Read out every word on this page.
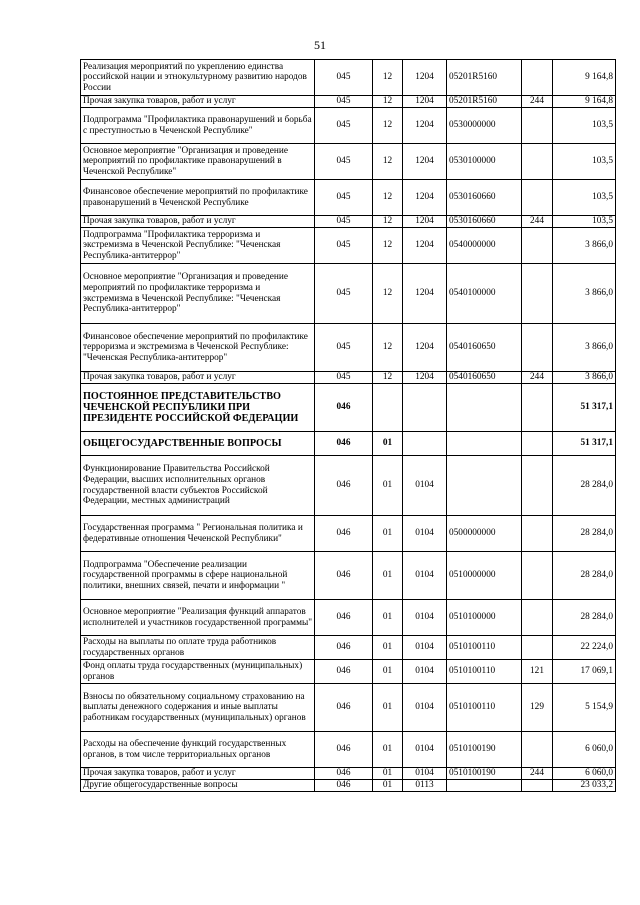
51
Реализация мероприятий по укреплению единства российской нации и этнокультурному развитию народов России	045	12	1204	05201R5160		9 164,8
Прочая закупка товаров, работ и услуг	045	12	1204	05201R5160	244	9 164,8
Подпрограмма "Профилактика правонарушений и борьба с преступностью в Чеченской Республике"	045	12	1204	0530000000		103,5
Основное мероприятие "Организация и проведение мероприятий по профилактике правонарушений в Чеченской Республике"	045	12	1204	0530100000		103,5
Финансовое обеспечение мероприятий по профилактике правонарушений в Чеченской Республике	045	12	1204	0530160660		103,5
Прочая закупка товаров, работ и услуг	045	12	1204	0530160660	244	103,5
Подпрограмма "Профилактика терроризма и экстремизма в Чеченской Республике: "Чеченская Республика-антитеррор"	045	12	1204	0540000000		3 866,0
Основное мероприятие "Организация и проведение мероприятий по профилактике терроризма и экстремизма в Чеченской Республике: "Чеченская Республика-антитеррор"	045	12	1204	0540100000		3 866,0
Финансовое обеспечение мероприятий по профилактике терроризма и экстремизма в Чеченской Республике: "Чеченская Республика-антитеррор"	045	12	1204	0540160650		3 866,0
Прочая закупка товаров, работ и услуг	045	12	1204	0540160650	244	3 866,0
ПОСТОЯННОЕ ПРЕДСТАВИТЕЛЬСТВО ЧЕЧЕНСКОЙ РЕСПУБЛИКИ ПРИ ПРЕЗИДЕНТЕ РОССИЙСКОЙ ФЕДЕРАЦИИ	046					51 317,1
ОБЩЕГОСУДАРСТВЕННЫЕ ВОПРОСЫ	046	01				51 317,1
Функционирование Правительства Российской Федерации, высших исполнительных органов государственной власти субъектов Российской Федерации, местных администраций	046	01	0104			28 284,0
Государственная программа " Региональная политика и федеративные отношения Чеченской Республики"	046	01	0104	0500000000		28 284,0
Подпрограмма "Обеспечение реализации государственной программы в сфере национальной политики, внешних связей, печати и информации "	046	01	0104	0510000000		28 284,0
Основное мероприятие "Реализация функций аппаратов исполнителей и участников государственной программы"	046	01	0104	0510100000		28 284,0
Расходы на выплаты по оплате труда работников государственных органов	046	01	0104	0510100110		22 224,0
Фонд оплаты труда государственных (муниципальных) органов	046	01	0104	0510100110	121	17 069,1
Взносы по обязательному социальному страхованию на выплаты денежного содержания и иные выплаты работникам государственных (муниципальных) органов	046	01	0104	0510100110	129	5 154,9
Расходы на обеспечение функций государственных органов, в том числе территориальных органов	046	01	0104	0510100190		6 060,0
Прочая закупка товаров, работ и услуг	046	01	0104	0510100190	244	6 060,0
Другие общегосударственные вопросы	046	01	0113			23 033,2
